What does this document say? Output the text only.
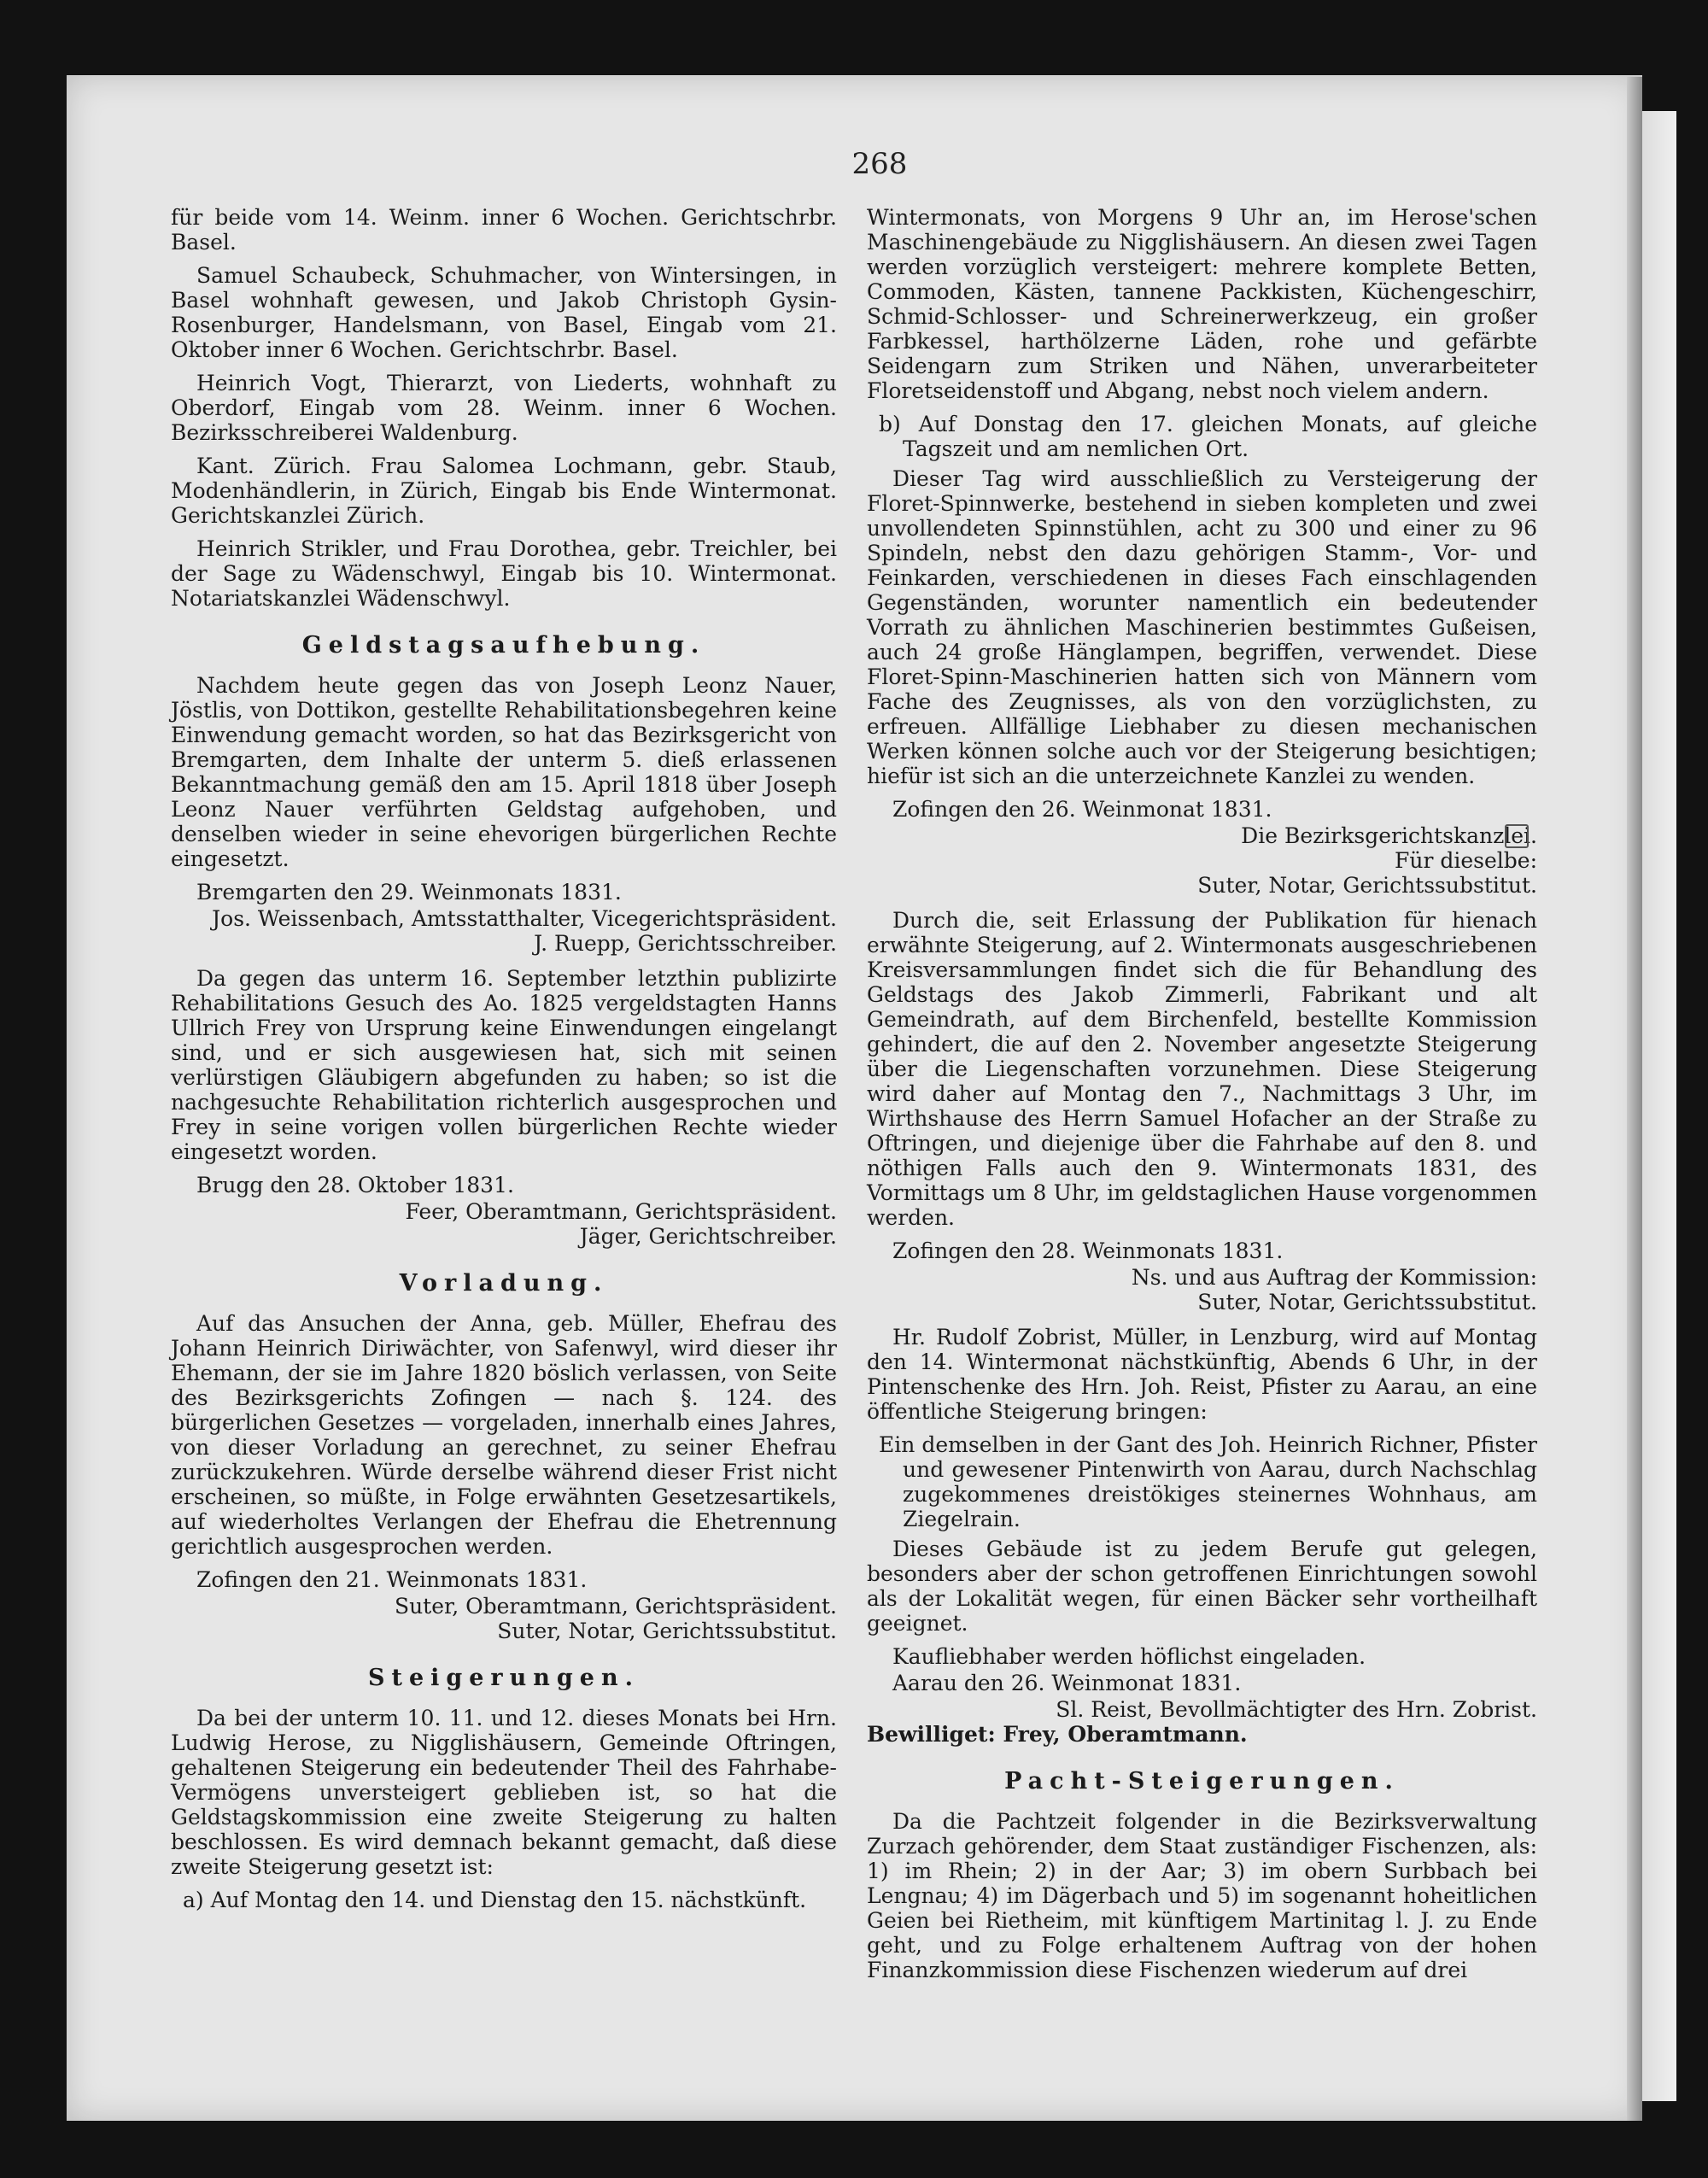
268

für beide vom 14. Weinm. inner 6 Wochen. Gerichtschrbr. Basel.

Samuel Schaubeck, Schuhmacher, von Wintersingen, in Basel wohnhaft gewesen, und Jakob Christoph Gysin-Rosenburger, Handelsmann, von Basel, Eingab vom 21. Oktober inner 6 Wochen. Gerichtschrbr. Basel.

Heinrich Vogt, Thierarzt, von Liederts, wohnhaft zu Oberdorf, Eingab vom 28. Weinm. inner 6 Wochen. Bezirksschreiberei Waldenburg.

Kant. Zürich. Frau Salomea Lochmann, gebr. Staub, Modenhändlerin, in Zürich, Eingab bis Ende Wintermonat. Gerichtskanzlei Zürich.

Heinrich Strikler, und Frau Dorothea, gebr. Treichler, bei der Sage zu Wädenschwyl, Eingab bis 10. Wintermonat. Notariatskanzlei Wädenschwyl.

Geldstagsaufhebung.

Nachdem heute gegen das von Joseph Leonz Nauer, Jöstlis, von Dottikon, gestellte Rehabilitationsbegehren keine Einwendung gemacht worden, so hat das Bezirksgericht von Bremgarten, dem Inhalte der unterm 5. dieß erlassenen Bekanntmachung gemäß den am 15. April 1818 über Joseph Leonz Nauer verführten Geldstag aufgehoben, und denselben wieder in seine ehevorigen bürgerlichen Rechte eingesetzt.

Bremgarten den 29. Weinmonats 1831.

Jos. Weissenbach, Amtsstatthalter, Vicegerichtspräsident.

J. Ruepp, Gerichtsschreiber.

Da gegen das unterm 16. September letzthin publizirte Rehabilitations Gesuch des Ao. 1825 vergeldstagten Hanns Ullrich Frey von Ursprung keine Einwendungen eingelangt sind, und er sich ausgewiesen hat, sich mit seinen verlürstigen Gläubigern abgefunden zu haben; so ist die nachgesuchte Rehabilitation richterlich ausgesprochen und Frey in seine vorigen vollen bürgerlichen Rechte wieder eingesetzt worden.

Brugg den 28. Oktober 1831.

Feer, Oberamtmann, Gerichtspräsident.

Jäger, Gerichtschreiber.

Vorladung.

Auf das Ansuchen der Anna, geb. Müller, Ehefrau des Johann Heinrich Diriwächter, von Safenwyl, wird dieser ihr Ehemann, der sie im Jahre 1820 böslich verlassen, von Seite des Bezirksgerichts Zofingen — nach §. 124. des bürgerlichen Gesetzes — vorgeladen, innerhalb eines Jahres, von dieser Vorladung an gerechnet, zu seiner Ehefrau zurückzukehren. Würde derselbe während dieser Frist nicht erscheinen, so müßte, in Folge erwähnten Gesetzesartikels, auf wiederholtes Verlangen der Ehefrau die Ehetrennung gerichtlich ausgesprochen werden.

Zofingen den 21. Weinmonats 1831.

Suter, Oberamtmann, Gerichtspräsident.

Suter, Notar, Gerichtssubstitut.

Steigerungen.

Da bei der unterm 10. 11. und 12. dieses Monats bei Hrn. Ludwig Herose, zu Nigglishäusern, Gemeinde Oftringen, gehaltenen Steigerung ein bedeutender Theil des Fahrhabe-Vermögens unversteigert geblieben ist, so hat die Geldstagskommission eine zweite Steigerung zu halten beschlossen. Es wird demnach bekannt gemacht, daß diese zweite Steigerung gesetzt ist:

a) Auf Montag den 14. und Dienstag den 15. nächstkünft.

Wintermonats, von Morgens 9 Uhr an, im Herose'schen Maschinengebäude zu Nigglishäusern. An diesen zwei Tagen werden vorzüglich versteigert: mehrere komplete Betten, Commoden, Kästen, tannene Packkisten, Küchengeschirr, Schmid-Schlosser- und Schreinerwerkzeug, ein großer Farbkessel, harthölzerne Läden, rohe und gefärbte Seidengarn zum Striken und Nähen, unverarbeiteter Floretseidenstoff und Abgang, nebst noch vielem andern.

b) Auf Donstag den 17. gleichen Monats, auf gleiche Tagszeit und am nemlichen Ort.

Dieser Tag wird ausschließlich zu Versteigerung der Floret-Spinnwerke, bestehend in sieben kompleten und zwei unvollendeten Spinnstühlen, acht zu 300 und einer zu 96 Spindeln, nebst den dazu gehörigen Stamm-, Vor- und Feinkarden, verschiedenen in dieses Fach einschlagenden Gegenständen, worunter namentlich ein bedeutender Vorrath zu ähnlichen Maschinerien bestimmtes Gußeisen, auch 24 große Hänglampen, begriffen, verwendet. Diese Floret-Spinn-Maschinerien hatten sich von Männern vom Fache des Zeugnisses, als von den vorzüglichsten, zu erfreuen. Allfällige Liebhaber zu diesen mechanischen Werken können solche auch vor der Steigerung besichtigen; hiefür ist sich an die unterzeichnete Kanzlei zu wenden.

Zofingen den 26. Weinmonat 1831.

Die Bezirksgerichtskanzlei.

Für dieselbe:

Suter, Notar, Gerichtssubstitut.

Durch die, seit Erlassung der Publikation für hienach erwähnte Steigerung, auf 2. Wintermonats ausgeschriebenen Kreisversammlungen findet sich die für Behandlung des Geldstags des Jakob Zimmerli, Fabrikant und alt Gemeindrath, auf dem Birchenfeld, bestellte Kommission gehindert, die auf den 2. November angesetzte Steigerung über die Liegenschaften vorzunehmen. Diese Steigerung wird daher auf Montag den 7., Nachmittags 3 Uhr, im Wirthshause des Herrn Samuel Hofacher an der Straße zu Oftringen, und diejenige über die Fahrhabe auf den 8. und nöthigen Falls auch den 9. Wintermonats 1831, des Vormittags um 8 Uhr, im geldstaglichen Hause vorgenommen werden.

Zofingen den 28. Weinmonats 1831.

Ns. und aus Auftrag der Kommission:

Suter, Notar, Gerichtssubstitut.

Hr. Rudolf Zobrist, Müller, in Lenzburg, wird auf Montag den 14. Wintermonat nächstkünftig, Abends 6 Uhr, in der Pintenschenke des Hrn. Joh. Reist, Pfister zu Aarau, an eine öffentliche Steigerung bringen:

Ein demselben in der Gant des Joh. Heinrich Richner, Pfister und gewesener Pintenwirth von Aarau, durch Nachschlag zugekommenes dreistökiges steinernes Wohnhaus, am Ziegelrain.

Dieses Gebäude ist zu jedem Berufe gut gelegen, besonders aber der schon getroffenen Einrichtungen sowohl als der Lokalität wegen, für einen Bäcker sehr vortheilhaft geeignet.

Kaufliebhaber werden höflichst eingeladen.

Aarau den 26. Weinmonat 1831.

Sl. Reist, Bevollmächtigter des Hrn. Zobrist.

Bewilliget: Frey, Oberamtmann.

Pacht-Steigerungen.

Da die Pachtzeit folgender in die Bezirksverwaltung Zurzach gehörender, dem Staat zuständiger Fischenzen, als: 1) im Rhein; 2) in der Aar; 3) im obern Surbbach bei Lengnau; 4) im Dägerbach und 5) im sogenannt hoheitlichen Geien bei Rietheim, mit künftigem Martinitag l. J. zu Ende geht, und zu Folge erhaltenem Auftrag von der hohen Finanzkommission diese Fischenzen wiederum auf drei
